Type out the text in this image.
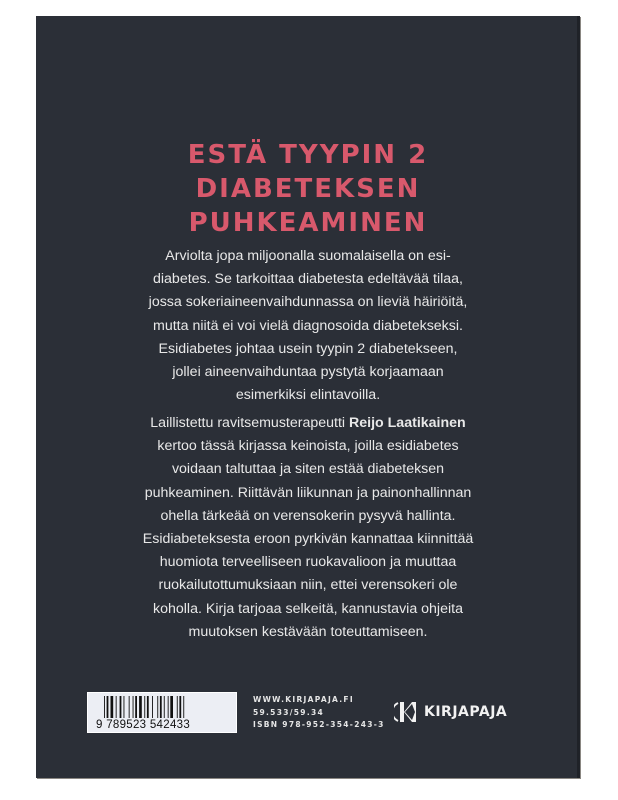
ESTÄ TYYPIN 2
DIABETEKSEN
PUHKEAMINEN
Arviolta jopa miljoonalla suomalaisella on esi-
diabetes. Se tarkoittaa diabetesta edeltävää tilaa,
jossa sokeriaineenvaihdunnassa on lieviä häiriöitä,
mutta niitä ei voi vielä diagnosoida diabetekseksi.
Esidiabetes johtaa usein tyypin 2 diabetekseen,
jollei aineenvaihduntaa pystytä korjaamaan
esimerkiksi elintavoilla.
Laillistettu ravitsemusterapeutti Reijo Laatikainen
kertoo tässä kirjassa keinoista, joilla esidiabetes
voidaan taltuttaa ja siten estää diabeteksen
puhkeaminen. Riittävän liikunnan ja painonhallinnan
ohella tärkeää on verensokerin pysyvä hallinta.
Esidiabeteksesta eroon pyrkivän kannattaa kiinnittää
huomiota terveelliseen ruokavalioon ja muuttaa
ruokailutottumuksiaan niin, ettei verensokeri ole
koholla. Kirja tarjoaa selkeitä, kannustavia ohjeita
muutoksen kestävään toteuttamiseen.
9 789523 542433
WWW.KIRJAPAJA.FI
59.533/59.34
ISBN 978-952-354-243-3
KIRJAPAJA
